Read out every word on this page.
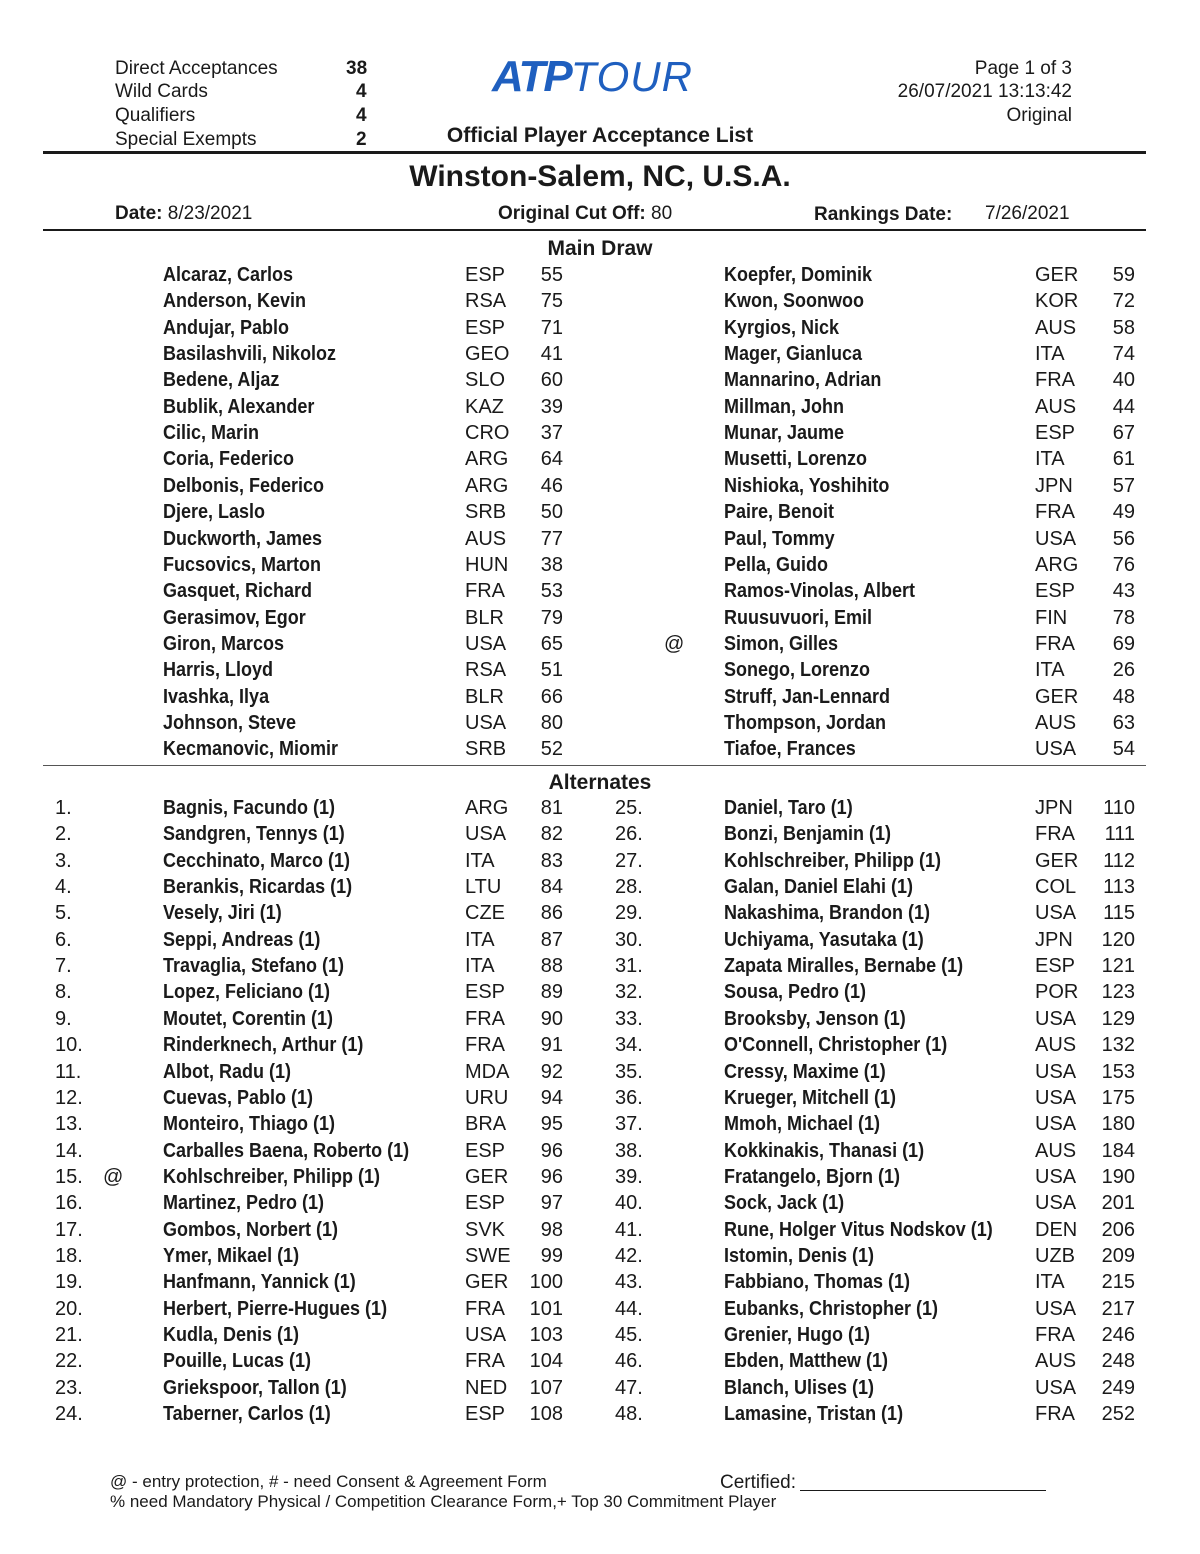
Direct Acceptances	38
Wild Cards	4
Qualifiers	4
Special Exempts	2
ATPTOUR
Official Player Acceptance List
Page 1 of 3
26/07/2021 13:13:42
Original
Winston-Salem, NC, U.S.A.
Date: 8/23/2021	Original Cut Off: 80	Rankings Date: 7/26/2021
Main Draw
Alcaraz, Carlos	ESP	55	Koepfer, Dominik	GER	59
Anderson, Kevin	RSA	75	Kwon, Soonwoo	KOR	72
Andujar, Pablo	ESP	71	Kyrgios, Nick	AUS	58
Basilashvili, Nikoloz	GEO	41	Mager, Gianluca	ITA	74
Bedene, Aljaz	SLO	60	Mannarino, Adrian	FRA	40
Bublik, Alexander	KAZ	39	Millman, John	AUS	44
Cilic, Marin	CRO	37	Munar, Jaume	ESP	67
Coria, Federico	ARG	64	Musetti, Lorenzo	ITA	61
Delbonis, Federico	ARG	46	Nishioka, Yoshihito	JPN	57
Djere, Laslo	SRB	50	Paire, Benoit	FRA	49
Duckworth, James	AUS	77	Paul, Tommy	USA	56
Fucsovics, Marton	HUN	38	Pella, Guido	ARG	76
Gasquet, Richard	FRA	53	Ramos-Vinolas, Albert	ESP	43
Gerasimov, Egor	BLR	79	Ruusuvuori, Emil	FIN	78
Giron, Marcos	USA	65	@ Simon, Gilles	FRA	69
Harris, Lloyd	RSA	51	Sonego, Lorenzo	ITA	26
Ivashka, Ilya	BLR	66	Struff, Jan-Lennard	GER	48
Johnson, Steve	USA	80	Thompson, Jordan	AUS	63
Kecmanovic, Miomir	SRB	52	Tiafoe, Frances	USA	54
Alternates
1.	Bagnis, Facundo (1)	ARG	81	25.	Daniel, Taro (1)	JPN	110
2.	Sandgren, Tennys (1)	USA	82	26.	Bonzi, Benjamin (1)	FRA	111
3.	Cecchinato, Marco (1)	ITA	83	27.	Kohlschreiber, Philipp (1)	GER	112
4.	Berankis, Ricardas (1)	LTU	84	28.	Galan, Daniel Elahi (1)	COL	113
5.	Vesely, Jiri (1)	CZE	86	29.	Nakashima, Brandon (1)	USA	115
6.	Seppi, Andreas (1)	ITA	87	30.	Uchiyama, Yasutaka (1)	JPN	120
7.	Travaglia, Stefano (1)	ITA	88	31.	Zapata Miralles, Bernabe (1)	ESP	121
8.	Lopez, Feliciano (1)	ESP	89	32.	Sousa, Pedro (1)	POR	123
9.	Moutet, Corentin (1)	FRA	90	33.	Brooksby, Jenson (1)	USA	129
10.	Rinderknech, Arthur (1)	FRA	91	34.	O'Connell, Christopher (1)	AUS	132
11.	Albot, Radu (1)	MDA	92	35.	Cressy, Maxime (1)	USA	153
12.	Cuevas, Pablo (1)	URU	94	36.	Krueger, Mitchell (1)	USA	175
13.	Monteiro, Thiago (1)	BRA	95	37.	Mmoh, Michael (1)	USA	180
14.	Carballes Baena, Roberto (1)	ESP	96	38.	Kokkinakis, Thanasi (1)	AUS	184
15.	@ Kohlschreiber, Philipp (1)	GER	96	39.	Fratangelo, Bjorn (1)	USA	190
16.	Martinez, Pedro (1)	ESP	97	40.	Sock, Jack (1)	USA	201
17.	Gombos, Norbert (1)	SVK	98	41.	Rune, Holger Vitus Nodskov (1) DEN	206
18.	Ymer, Mikael (1)	SWE	99	42.	Istomin, Denis (1)	UZB	209
19.	Hanfmann, Yannick (1)	GER	100	43.	Fabbiano, Thomas (1)	ITA	215
20.	Herbert, Pierre-Hugues (1)	FRA	101	44.	Eubanks, Christopher (1)	USA	217
21.	Kudla, Denis (1)	USA	103	45.	Grenier, Hugo (1)	FRA	246
22.	Pouille, Lucas (1)	FRA	104	46.	Ebden, Matthew (1)	AUS	248
23.	Griekspoor, Tallon (1)	NED	107	47.	Blanch, Ulises (1)	USA	249
24.	Taberner, Carlos (1)	ESP	108	48.	Lamasine, Tristan (1)	FRA	252
@ - entry protection, # - need Consent & Agreement Form
% need Mandatory Physical / Competition Clearance Form,+ Top 30 Commitment Player
Certified:
